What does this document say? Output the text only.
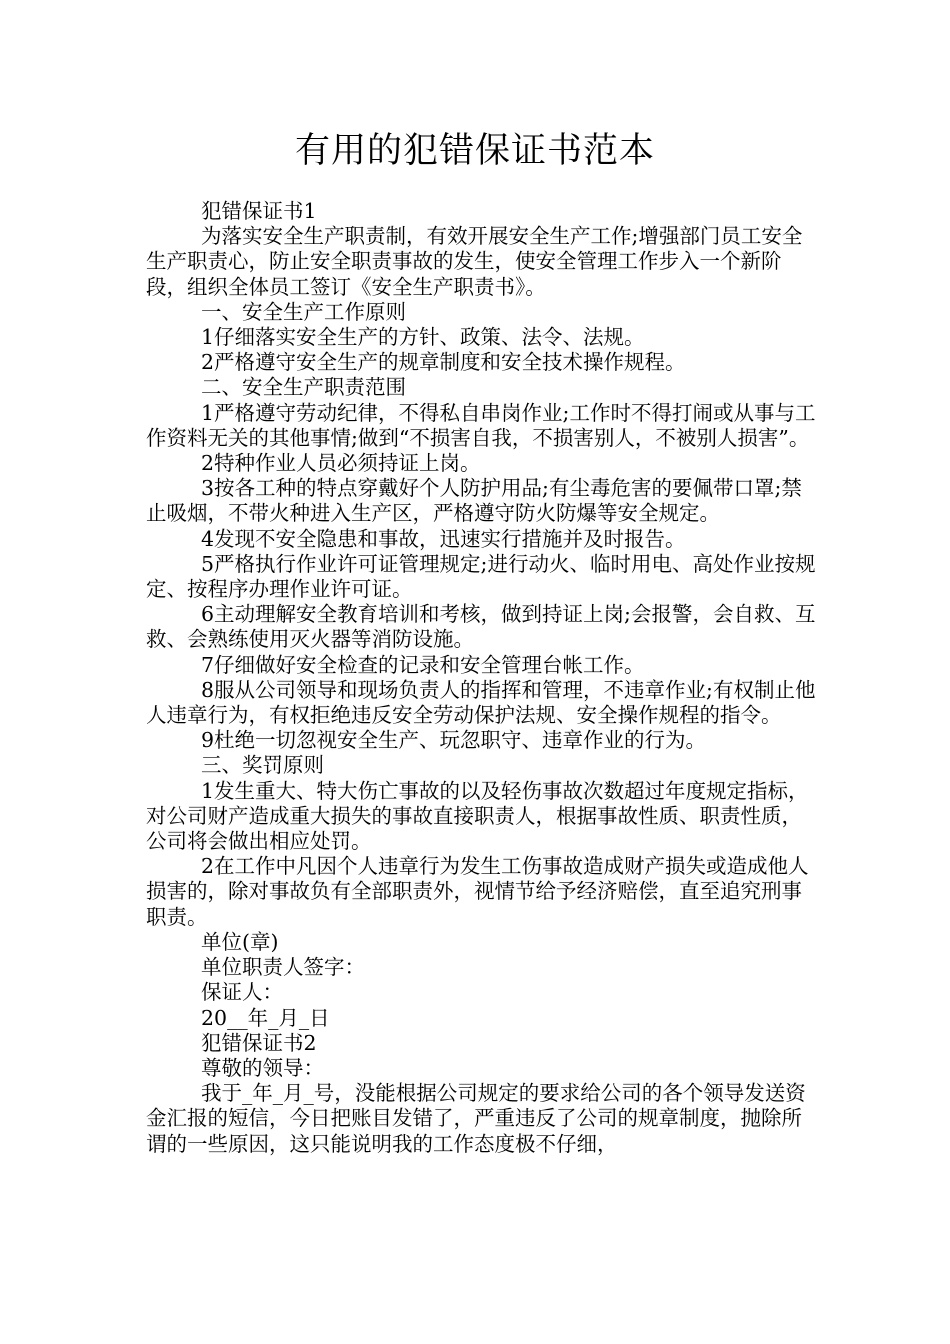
有用的犯错保证书范本

犯错保证书1

为落实安全生产职责制，有效开展安全生产工作;增强部门员工安全生产职责心，防止安全职责事故的发生，使安全管理工作步入一个新阶段，组织全体员工签订《安全生产职责书》。

一、安全生产工作原则

1仔细落实安全生产的方针、政策、法令、法规。

2严格遵守安全生产的规章制度和安全技术操作规程。

二、安全生产职责范围

1严格遵守劳动纪律，不得私自串岗作业;工作时不得打闹或从事与工作资料无关的其他事情;做到“不损害自我，不损害别人，不被别人损害”。

2特种作业人员必须持证上岗。

3按各工种的特点穿戴好个人防护用品;有尘毒危害的要佩带口罩;禁止吸烟，不带火种进入生产区，严格遵守防火防爆等安全规定。

4发现不安全隐患和事故，迅速实行措施并及时报告。

5严格执行作业许可证管理规定;进行动火、临时用电、高处作业按规定、按程序办理作业许可证。

6主动理解安全教育培训和考核，做到持证上岗;会报警，会自救、互救、会熟练使用灭火器等消防设施。

7仔细做好安全检查的记录和安全管理台帐工作。

8服从公司领导和现场负责人的指挥和管理，不违章作业;有权制止他人违章行为，有权拒绝违反安全劳动保护法规、安全操作规程的指令。

9杜绝一切忽视安全生产、玩忽职守、违章作业的行为。

三、奖罚原则

1发生重大、特大伤亡事故的以及轻伤事故次数超过年度规定指标，对公司财产造成重大损失的事故直接职责人，根据事故性质、职责性质，公司将会做出相应处罚。

2在工作中凡因个人违章行为发生工伤事故造成财产损失或造成他人损害的，除对事故负有全部职责外，视情节给予经济赔偿，直至追究刑事职责。

单位(章)

单位职责人签字：

保证人：

20__年_月_日

犯错保证书2

尊敬的领导：

我于_年_月_号，没能根据公司规定的要求给公司的各个领导发送资金汇报的短信，今日把账目发错了，严重违反了公司的规章制度，抛除所谓的一些原因，这只能说明我的工作态度极不仔细，
